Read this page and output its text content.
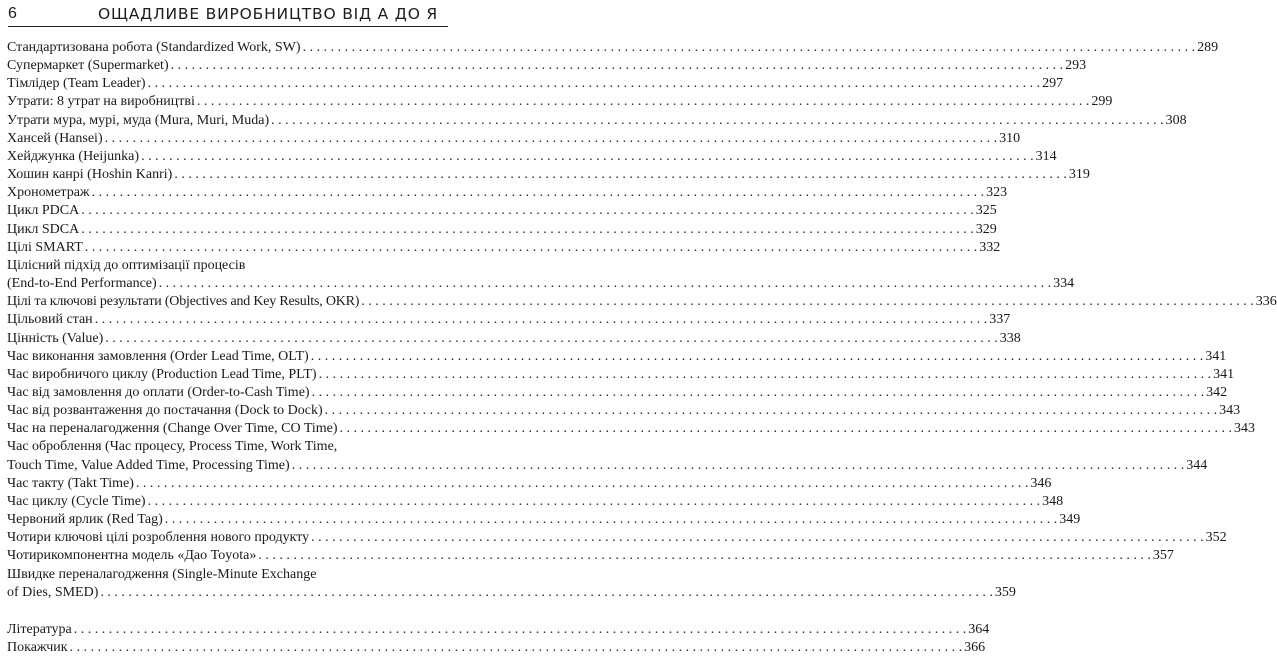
6	ОЩАДЛИВЕ ВИРОБНИЦТВО ВІД А ДО Я
Стандартизована робота (Standardized Work, SW) . . .	289
Супермаркет (Supermarket) . . .	293
Тімлідер (Team Leader) . . .	297
Утрати: 8 утрат на виробництві . . .	299
Утрати мура, мурі, муда (Mura, Muri, Muda) . . .	308
Хансей (Hansei) . . .	310
Хейджунка (Heijunka) . . .	314
Хошин канрі (Hoshin Kanri) . . .	319
Хронометраж . . .	323
Цикл PDCA . . .	325
Цикл SDCA . . .	329
Цілі SMART . . .	332
Цілісний підхід до оптимізації процесів
(End-to-End Performance) . . .	334
Цілі та ключові результати (Objectives and Key Results, OKR) . . .	336
Цільовий стан . . .	337
Цінність (Value) . . .	338
Час виконання замовлення (Order Lead Time, OLT) . . .	341
Час виробничого циклу (Production Lead Time, PLT) . . .	341
Час від замовлення до оплати (Order-to-Cash Time) . . .	342
Час від розвантаження до постачання (Dock to Dock) . . .	343
Час на переналагодження (Change Over Time, CO Time) . . .	343
Час оброблення (Час процесу, Process Time, Work Time,
Touch Time, Value Added Time, Processing Time) . . .	344
Час такту (Takt Time) . . .	346
Час циклу (Cycle Time) . . .	348
Червоний ярлик (Red Tag) . . .	349
Чотири ключові цілі розроблення нового продукту . . .	352
Чотирикомпонентна модель «Дао Toyota» . . .	357
Швидке переналагодження (Single-Minute Exchange
of Dies, SMED) . . .	359
Література . . .	364
Покажчик . . .	366
